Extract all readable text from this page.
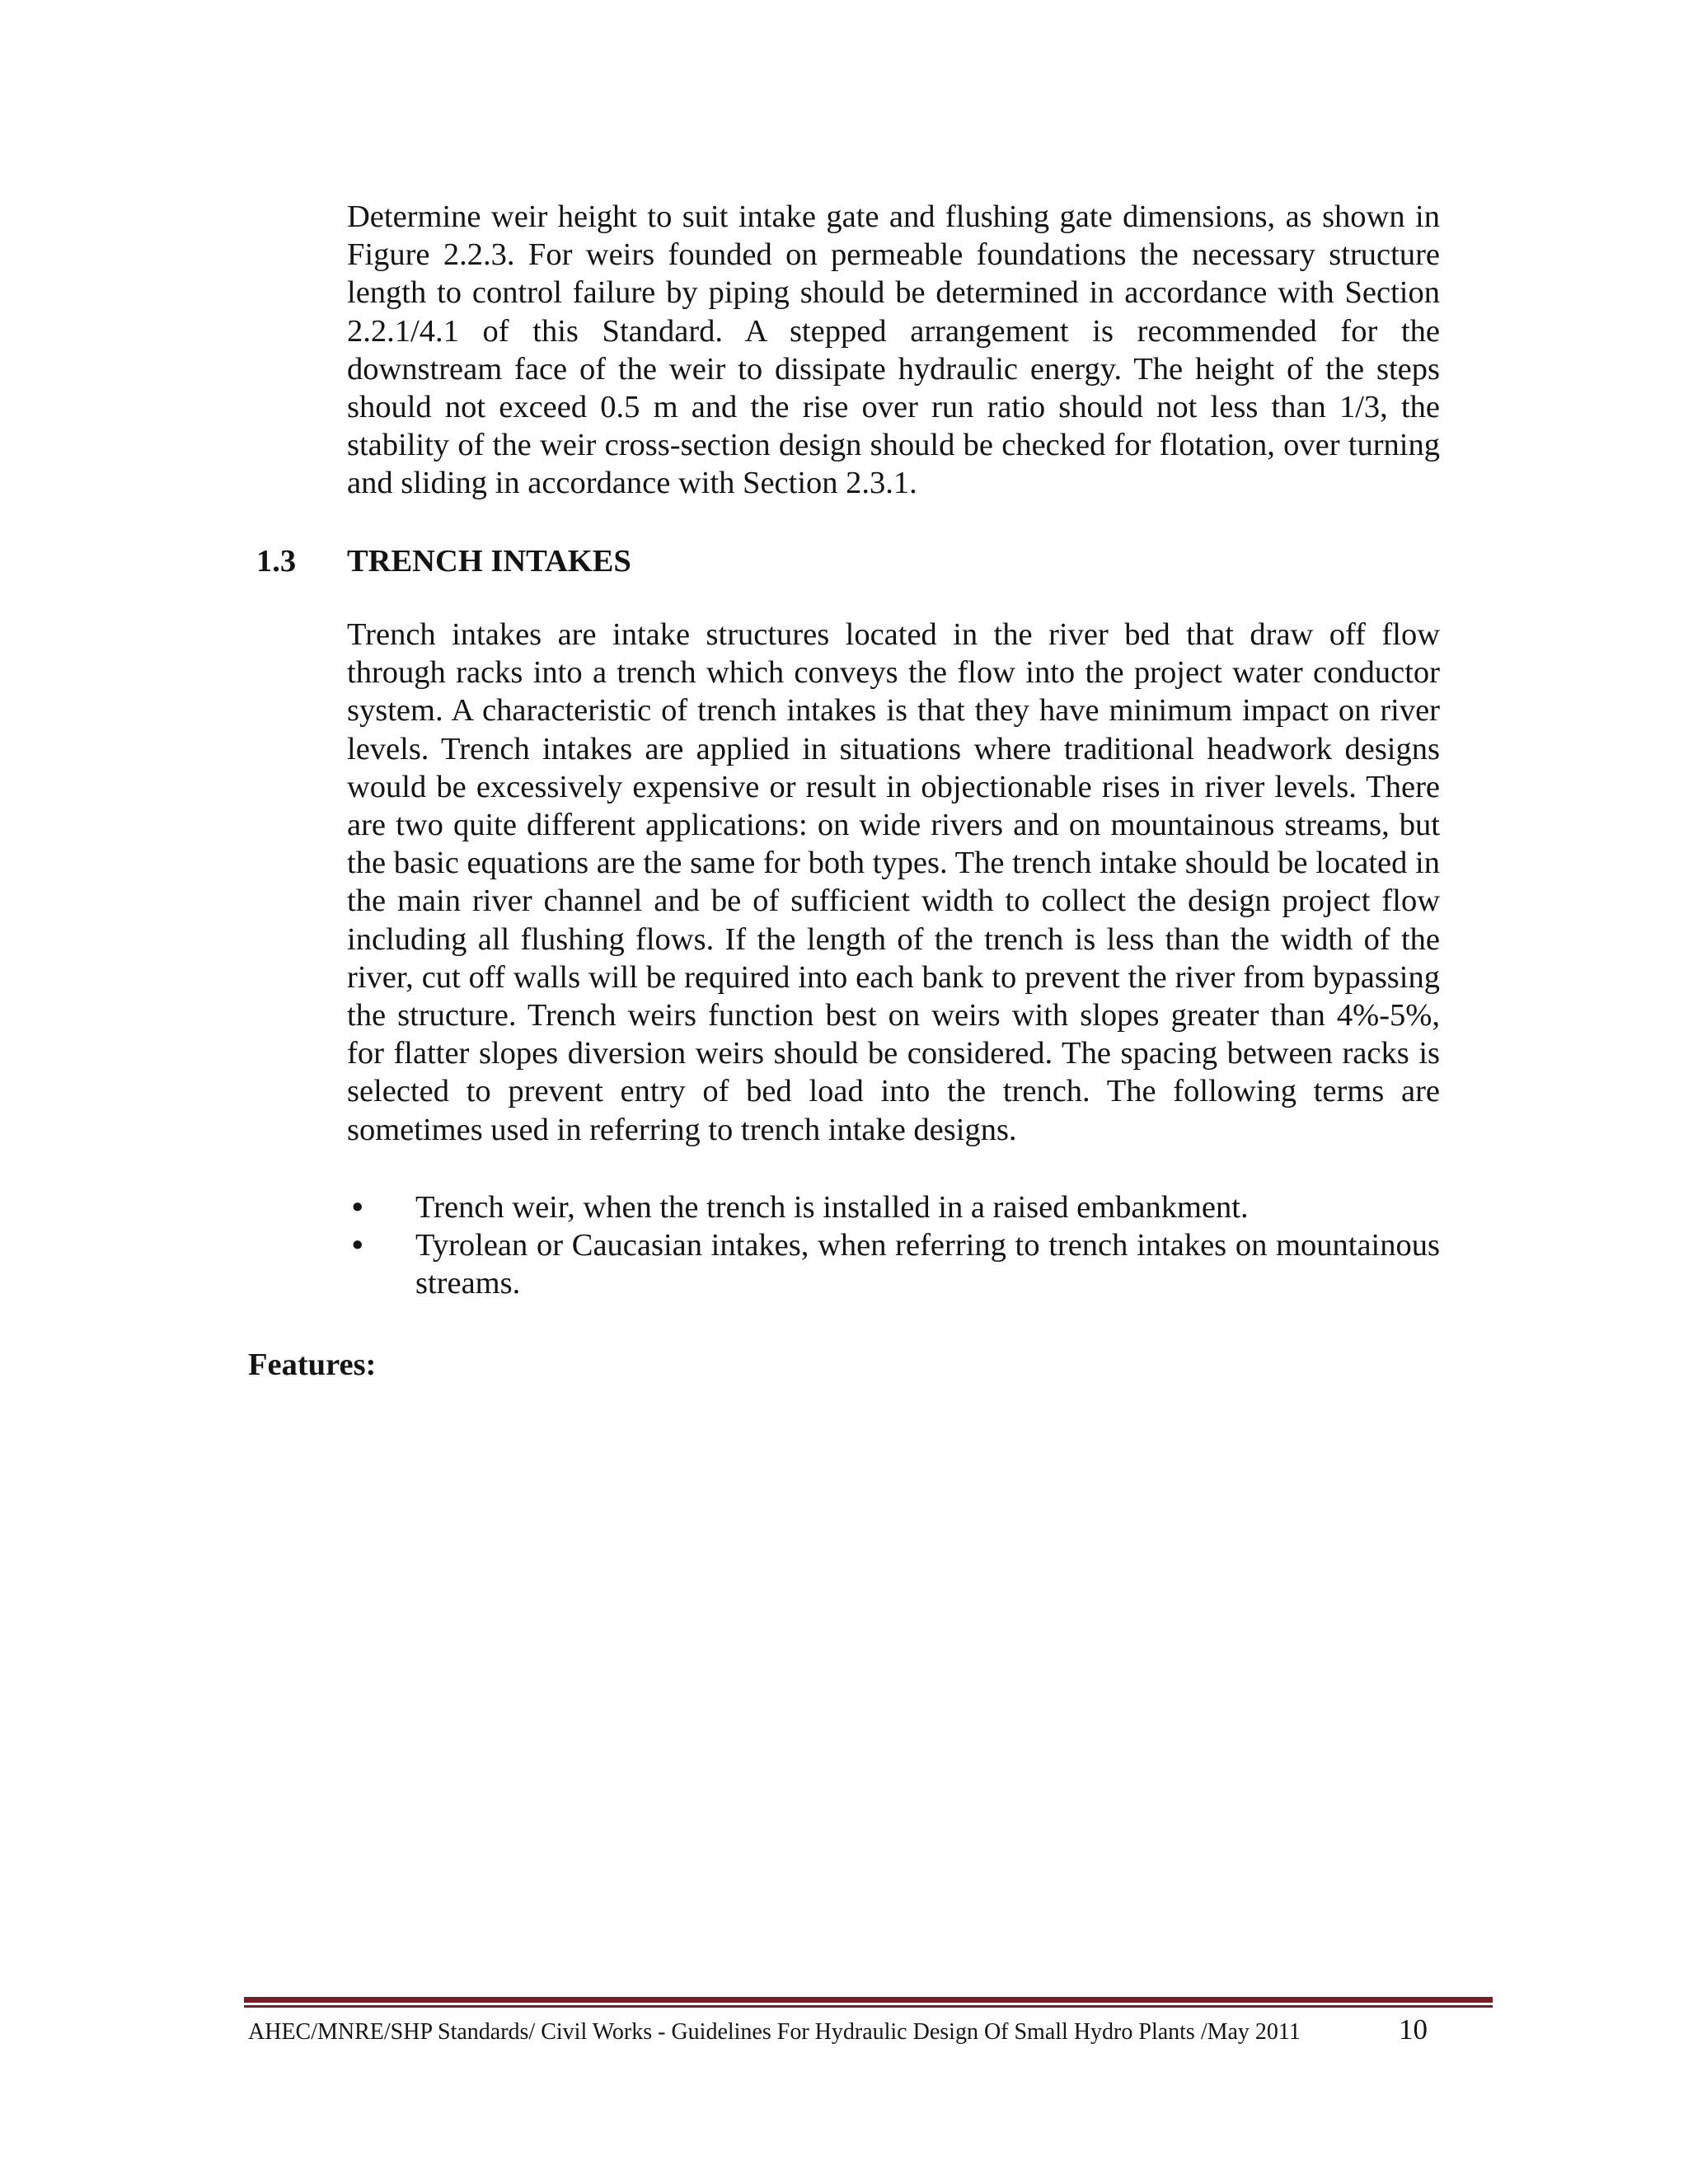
Determine weir height to suit intake gate and flushing gate dimensions, as shown in Figure 2.2.3. For weirs founded on permeable foundations the necessary structure length to control failure by piping should be determined in accordance with Section 2.2.1/4.1 of this Standard. A stepped arrangement is recommended for the downstream face of the weir to dissipate hydraulic energy. The height of the steps should not exceed 0.5 m and the rise over run ratio should not less than 1/3, the stability of the weir cross-section design should be checked for flotation, over turning and sliding in accordance with Section 2.3.1.

1.3 TRENCH INTAKES

Trench intakes are intake structures located in the river bed that draw off flow through racks into a trench which conveys the flow into the project water conductor system. A characteristic of trench intakes is that they have minimum impact on river levels. Trench intakes are applied in situations where traditional headwork designs would be excessively expensive or result in objectionable rises in river levels. There are two quite different applications: on wide rivers and on mountainous streams, but the basic equations are the same for both types. The trench intake should be located in the main river channel and be of sufficient width to collect the design project flow including all flushing flows. If the length of the trench is less than the width of the river, cut off walls will be required into each bank to prevent the river from bypassing the structure. Trench weirs function best on weirs with slopes greater than 4%-5%, for flatter slopes diversion weirs should be considered. The spacing between racks is selected to prevent entry of bed load into the trench. The following terms are sometimes used in referring to trench intake designs.

• Trench weir, when the trench is installed in a raised embankment.
• Tyrolean or Caucasian intakes, when referring to trench intakes on mountainous streams.

Features:

AHEC/MNRE/SHP Standards/ Civil Works - Guidelines For Hydraulic Design Of Small Hydro Plants /May 2011	10
